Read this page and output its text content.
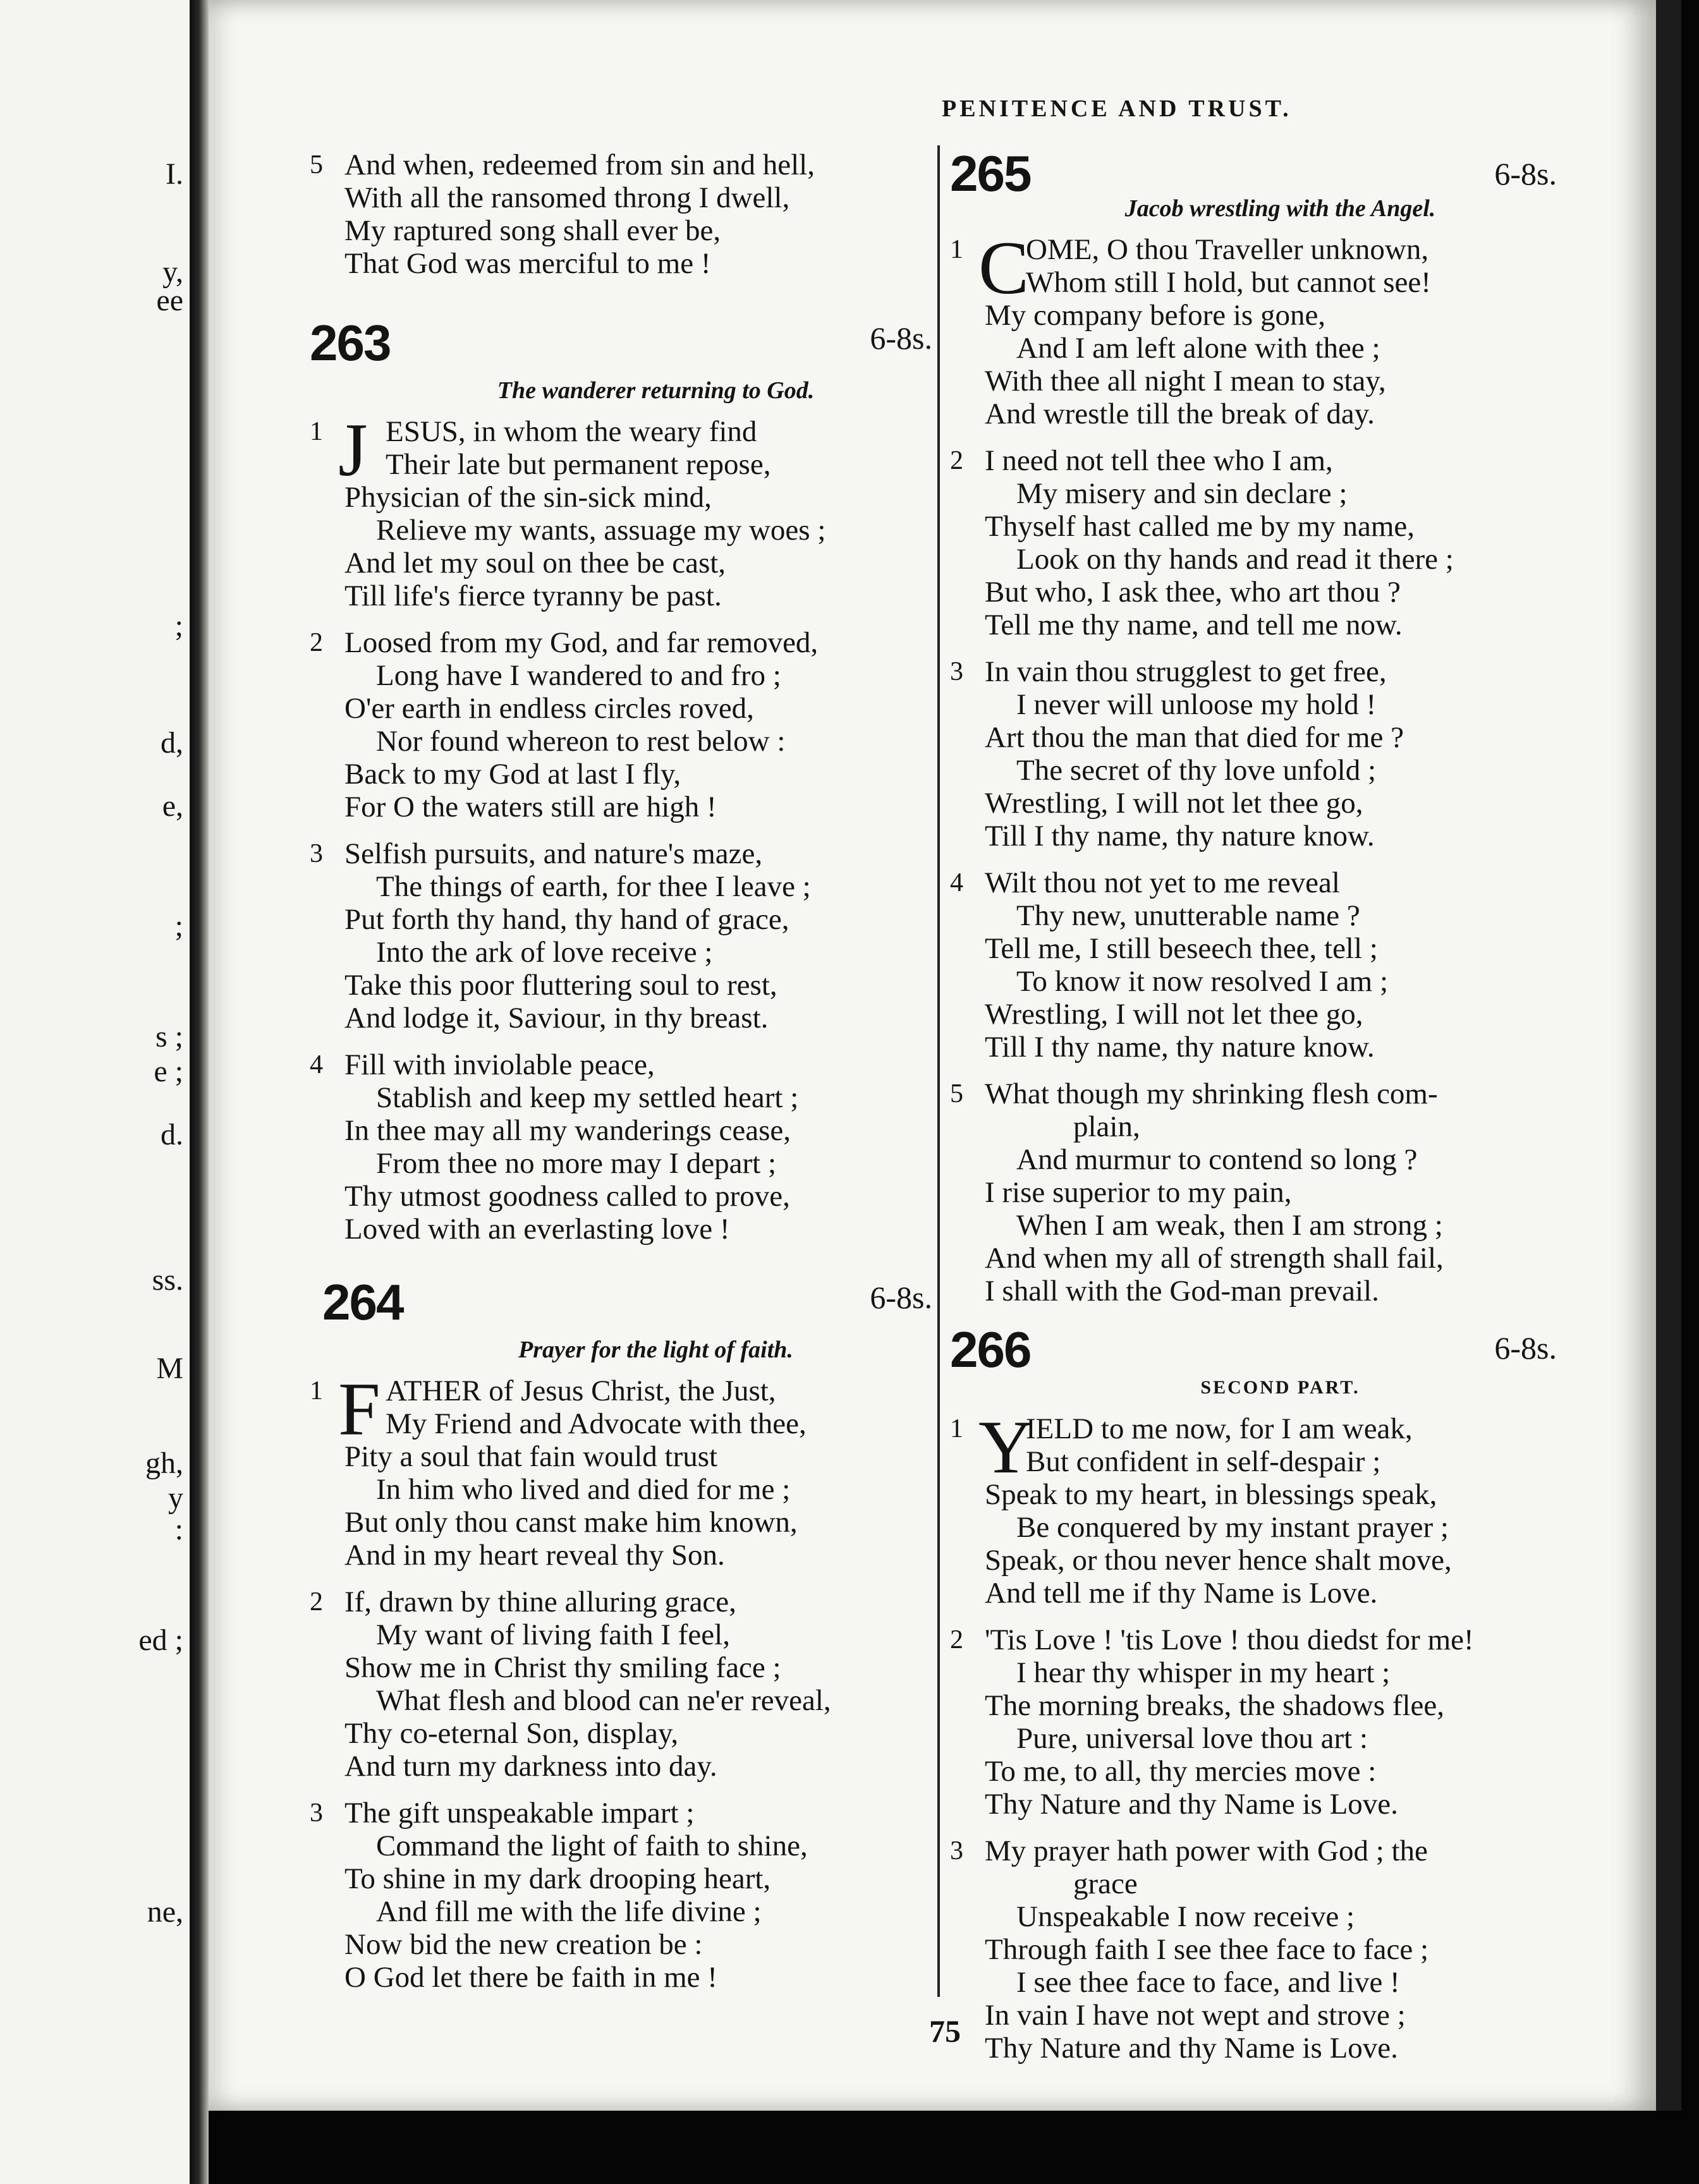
I.
y,
ee
;
d,
e,
;
s ;
e ;
d.
ss.
M
gh,
y
:
ed ;
ne,
PENITENCE AND TRUST.
5 And when, redeemed from sin and hell,
With all the ransomed throng I dwell,
My raptured song shall ever be,
That God was merciful to me !
263	6-8s.
The wanderer returning to God.
1 J ESUS, in whom the weary find
Their late but permanent repose,
Physician of the sin-sick mind,
Relieve my wants, assuage my woes ;
And let my soul on thee be cast,
Till life's fierce tyranny be past.
2 Loosed from my God, and far removed,
Long have I wandered to and fro ;
O'er earth in endless circles roved,
Nor found whereon to rest below :
Back to my God at last I fly,
For O the waters still are high !
3 Selfish pursuits, and nature's maze,
The things of earth, for thee I leave ;
Put forth thy hand, thy hand of grace,
Into the ark of love receive ;
Take this poor fluttering soul to rest,
And lodge it, Saviour, in thy breast.
4 Fill with inviolable peace,
Stablish and keep my settled heart ;
In thee may all my wanderings cease,
From thee no more may I depart ;
Thy utmost goodness called to prove,
Loved with an everlasting love !
264	6-8s.
Prayer for the light of faith.
1 F ATHER of Jesus Christ, the Just,
My Friend and Advocate with thee,
Pity a soul that fain would trust
In him who lived and died for me ;
But only thou canst make him known,
And in my heart reveal thy Son.
2 If, drawn by thine alluring grace,
My want of living faith I feel,
Show me in Christ thy smiling face ;
What flesh and blood can ne'er reveal,
Thy co-eternal Son, display,
And turn my darkness into day.
3 The gift unspeakable impart ;
Command the light of faith to shine,
To shine in my dark drooping heart,
And fill me with the life divine ;
Now bid the new creation be :
O God let there be faith in me !
265	6-8s.
Jacob wrestling with the Angel.
1 C
OME, O thou Traveller unknown,
Whom still I hold, but cannot see!
My company before is gone,
And I am left alone with thee ;
With thee all night I mean to stay,
And wrestle till the break of day.
2 I need not tell thee who I am,
My misery and sin declare ;
Thyself hast called me by my name,
Look on thy hands and read it there ;
But who, I ask thee, who art thou ?
Tell me thy name, and tell me now.
3 In vain thou strugglest to get free,
I never will unloose my hold !
Art thou the man that died for me ?
The secret of thy love unfold ;
Wrestling, I will not let thee go,
Till I thy name, thy nature know.
4 Wilt thou not yet to me reveal
Thy new, unutterable name ?
Tell me, I still beseech thee, tell ;
To know it now resolved I am ;
Wrestling, I will not let thee go,
Till I thy name, thy nature know.
5 What though my shrinking flesh com-
plain,
And murmur to contend so long ?
I rise superior to my pain,
When I am weak, then I am strong ;
And when my all of strength shall fail,
I shall with the God-man prevail.
266	6-8s.
SECOND PART.
1 Y
IELD to me now, for I am weak,
But confident in self-despair ;
Speak to my heart, in blessings speak,
Be conquered by my instant prayer ;
Speak, or thou never hence shalt move,
And tell me if thy Name is Love.
2 'Tis Love ! 'tis Love ! thou diedst for me!
I hear thy whisper in my heart ;
The morning breaks, the shadows flee,
Pure, universal love thou art :
To me, to all, thy mercies move :
Thy Nature and thy Name is Love.
3 My prayer hath power with God ; the
grace
Unspeakable I now receive ;
Through faith I see thee face to face ;
I see thee face to face, and live !
In vain I have not wept and strove ;
Thy Nature and thy Name is Love.
75
